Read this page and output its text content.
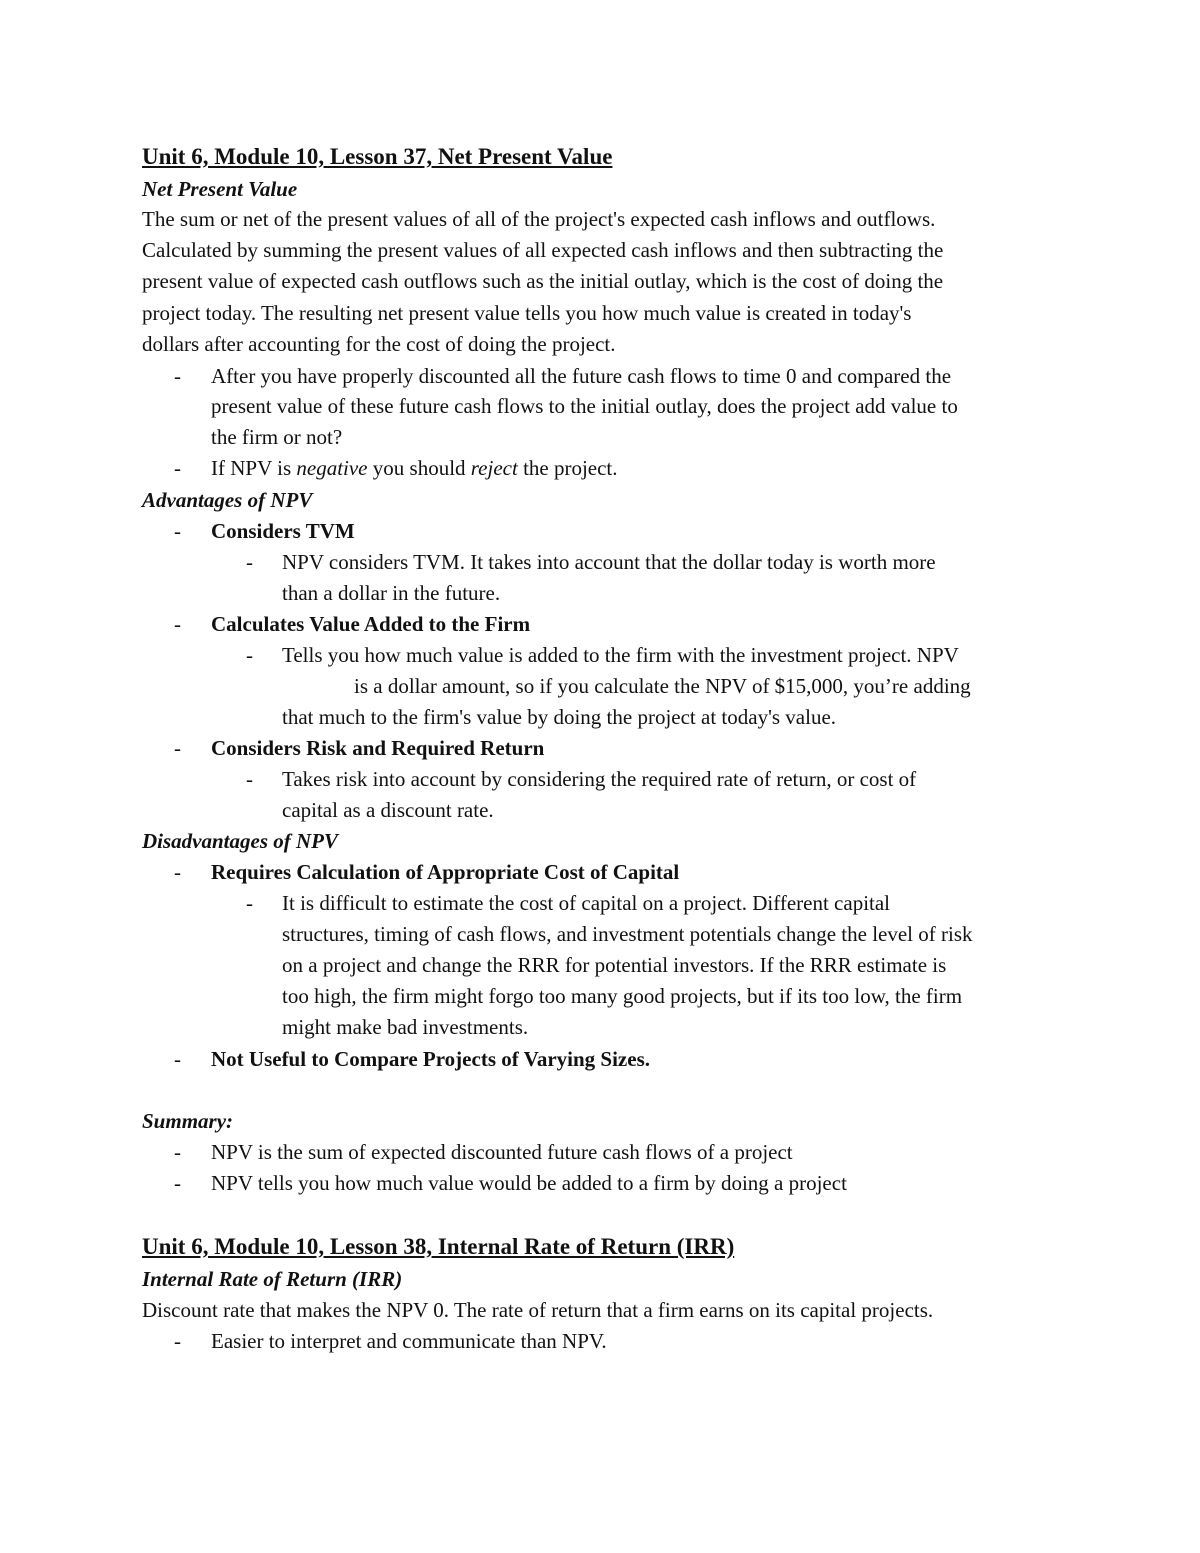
Unit 6, Module 10, Lesson 37, Net Present Value
Net Present Value
The sum or net of the present values of all of the project's expected cash inflows and outflows.
Calculated by summing the present values of all expected cash inflows and then subtracting the
present value of expected cash outflows such as the initial outlay, which is the cost of doing the
project today. The resulting net present value tells you how much value is created in today's
dollars after accounting for the cost of doing the project.
- After you have properly discounted all the future cash flows to time 0 and compared the
present value of these future cash flows to the initial outlay, does the project add value to
the firm or not?
- If NPV is negative you should reject the project.
Advantages of NPV
- Considers TVM
- NPV considers TVM. It takes into account that the dollar today is worth more
than a dollar in the future.
- Calculates Value Added to the Firm
- Tells you how much value is added to the firm with the investment project. NPV
is a dollar amount, so if you calculate the NPV of $15,000, you’re adding
that much to the firm's value by doing the project at today's value.
- Considers Risk and Required Return
- Takes risk into account by considering the required rate of return, or cost of
capital as a discount rate.
Disadvantages of NPV
- Requires Calculation of Appropriate Cost of Capital
- It is difficult to estimate the cost of capital on a project. Different capital
structures, timing of cash flows, and investment potentials change the level of risk
on a project and change the RRR for potential investors. If the RRR estimate is
too high, the firm might forgo too many good projects, but if its too low, the firm
might make bad investments.
- Not Useful to Compare Projects of Varying Sizes.
Summary:
- NPV is the sum of expected discounted future cash flows of a project
- NPV tells you how much value would be added to a firm by doing a project
Unit 6, Module 10, Lesson 38, Internal Rate of Return (IRR)
Internal Rate of Return (IRR)
Discount rate that makes the NPV 0. The rate of return that a firm earns on its capital projects.
- Easier to interpret and communicate than NPV.
